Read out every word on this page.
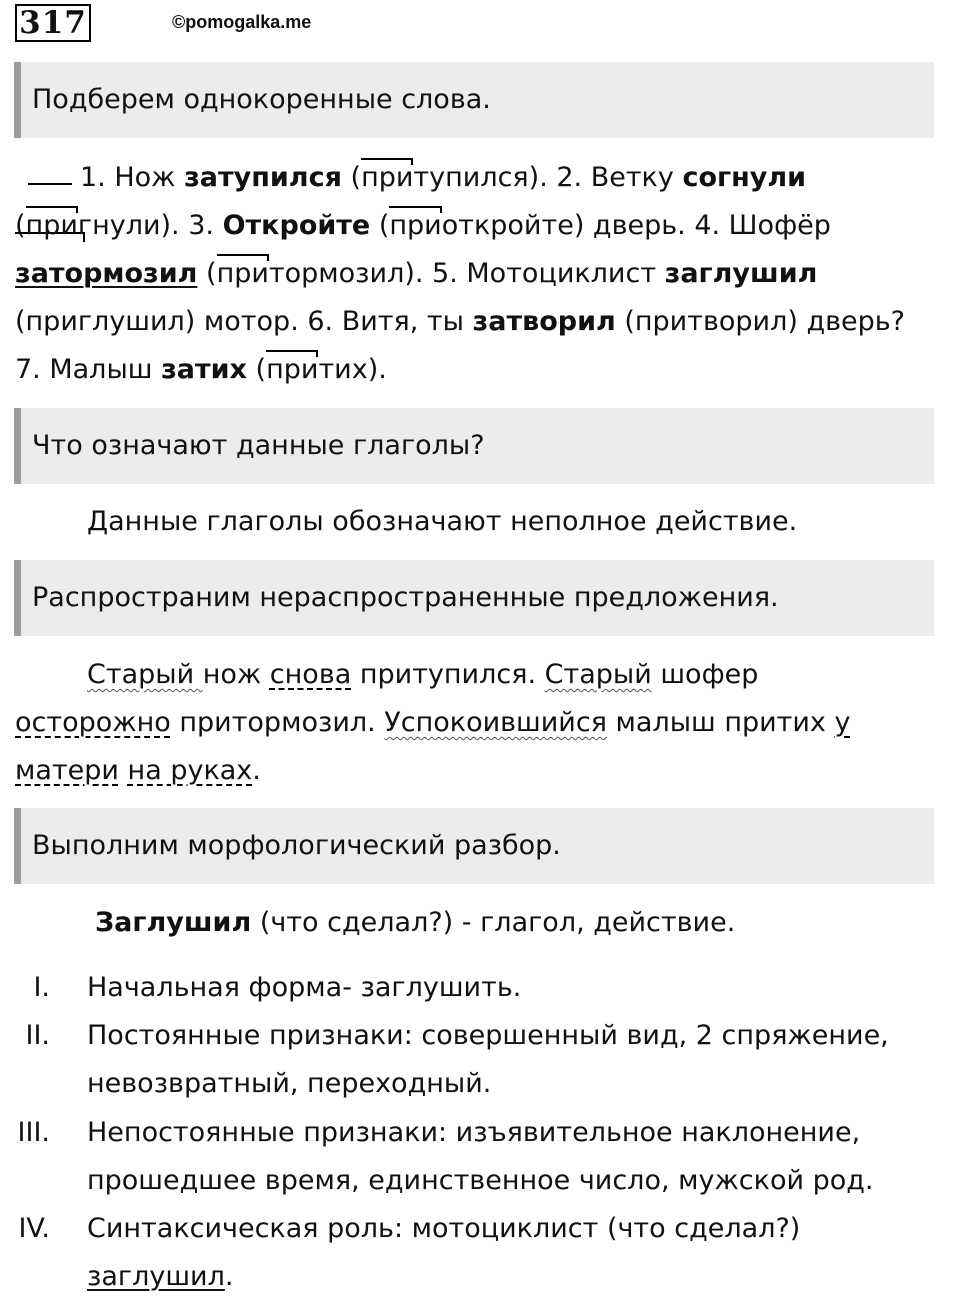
317	©pomogalka.me
Подберем однокоренные слова.
1. Нож затупился (притупился). 2. Ветку согнули
(пригнули). 3. Откройте (приоткройте) дверь. 4. Шофёр
затормозил (притормозил). 5. Мотоциклист заглушил
(приглушил) мотор. 6. Витя, ты затворил (притворил) дверь?
7. Малыш затих (притих).
Что означают данные глаголы?
Данные глаголы обозначают неполное действие.
Распространим нераспространенные предложения.
Старый нож снова притупился. Старый шофер
осторожно притормозил. Успокоившийся малыш притих у
матери на руках.
Выполним морфологический разбор.
Заглушил (что сделал?) - глагол, действие.
I. Начальная форма- заглушить.
II. Постоянные признаки: совершенный вид, 2 спряжение,
невозвратный, переходный.
III. Непостоянные признаки: изъявительное наклонение,
прошедшее время, единственное число, мужской род.
IV. Синтаксическая роль: мотоциклист (что сделал?)
заглушил.
